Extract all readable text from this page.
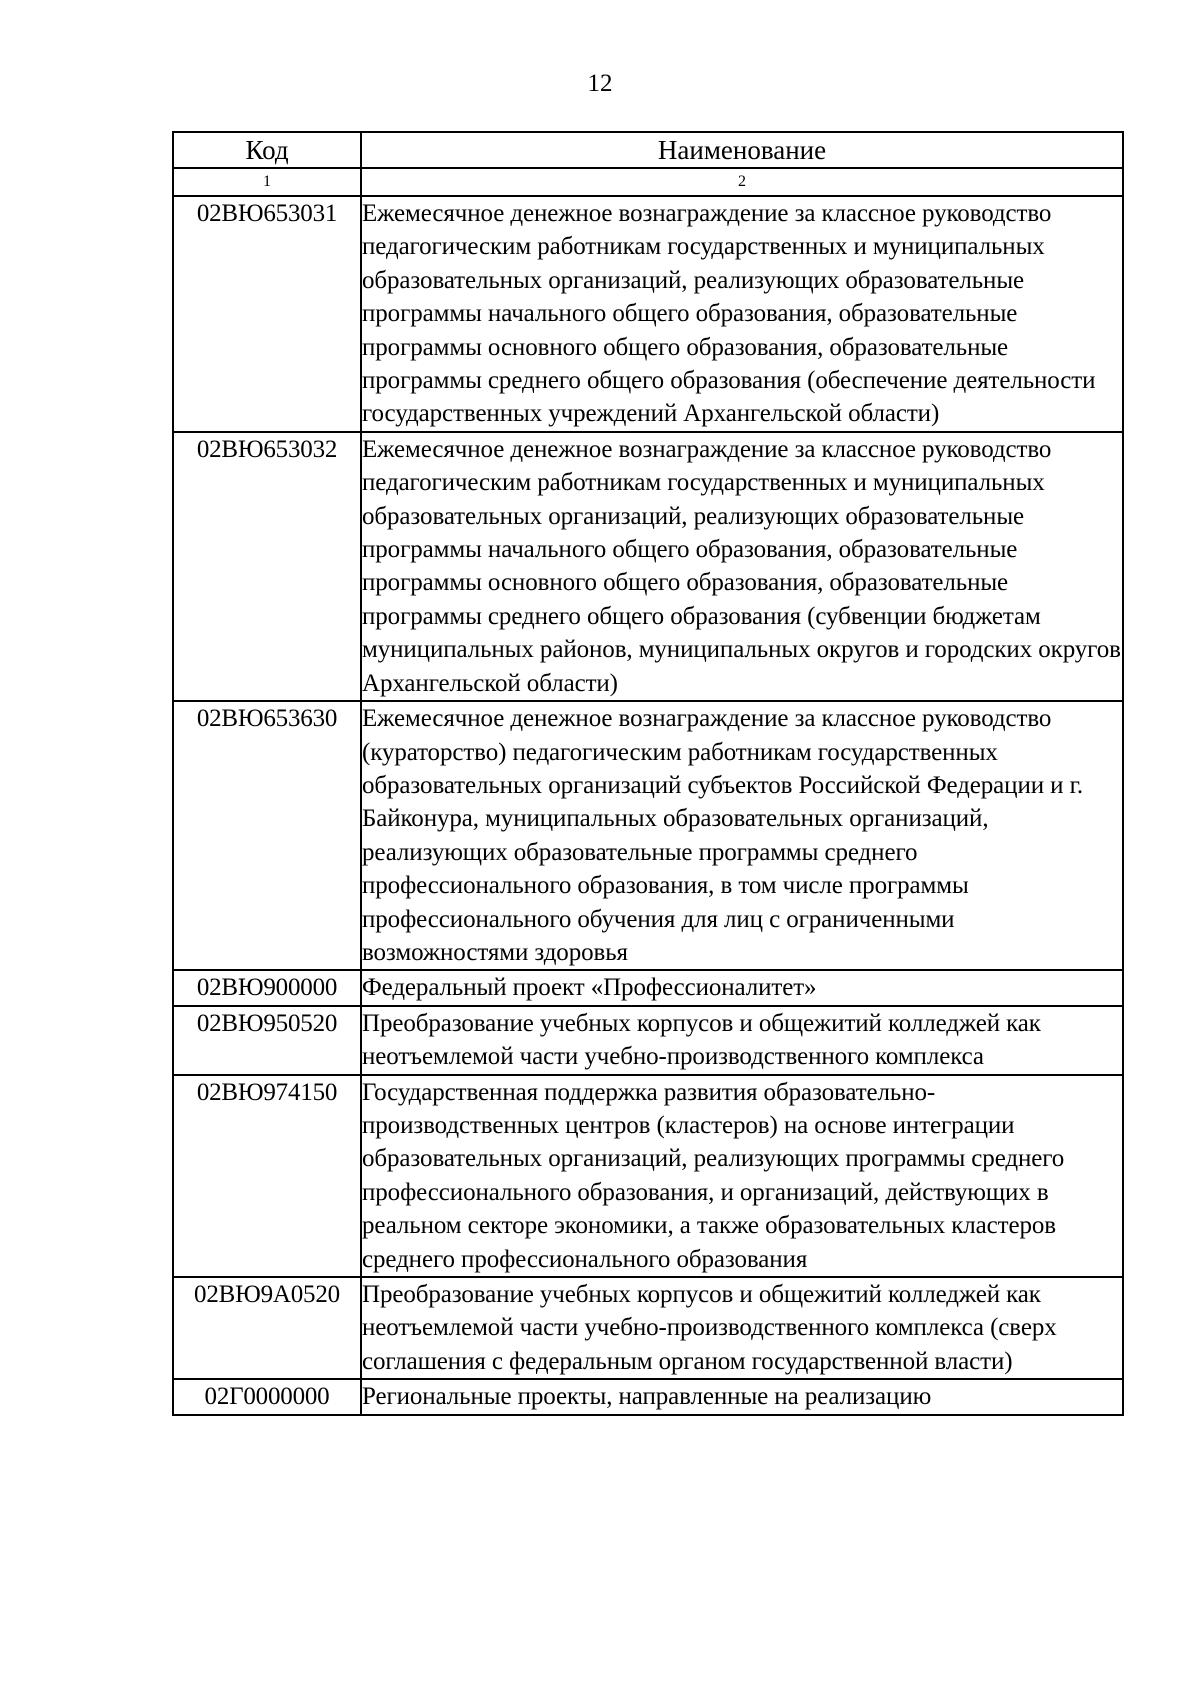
12
Код	Наименование
1	2
02ВЮ653031	Ежемесячное денежное вознаграждение за классное руководство педагогическим работникам государственных и муниципальных образовательных организаций, реализующих образовательные программы начального общего образования, образовательные программы основного общего образования, образовательные программы среднего общего образования (обеспечение деятельности государственных учреждений Архангельской области)
02ВЮ653032	Ежемесячное денежное вознаграждение за классное руководство педагогическим работникам государственных и муниципальных образовательных организаций, реализующих образовательные программы начального общего образования, образовательные программы основного общего образования, образовательные программы среднего общего образования (субвенции бюджетам муниципальных районов, муниципальных округов и городских округов Архангельской области)
02ВЮ653630	Ежемесячное денежное вознаграждение за классное руководство (кураторство) педагогическим работникам государственных образовательных организаций субъектов Российской Федерации и г. Байконура, муниципальных образовательных организаций, реализующих образовательные программы среднего профессионального образования, в том числе программы профессионального обучения для лиц с ограниченными возможностями здоровья
02ВЮ900000	Федеральный проект «Профессионалитет»
02ВЮ950520	Преобразование учебных корпусов и общежитий колледжей как неотъемлемой части учебно-производственного комплекса
02ВЮ974150	Государственная поддержка развития образовательно-производственных центров (кластеров) на основе интеграции образовательных организаций, реализующих программы среднего профессионального образования, и организаций, действующих в реальном секторе экономики, а также образовательных кластеров среднего профессионального образования
02ВЮ9А0520	Преобразование учебных корпусов и общежитий колледжей как неотъемлемой части учебно-производственного комплекса (сверх соглашения с федеральным органом государственной власти)
02Г0000000	Региональные проекты, направленные на реализацию
